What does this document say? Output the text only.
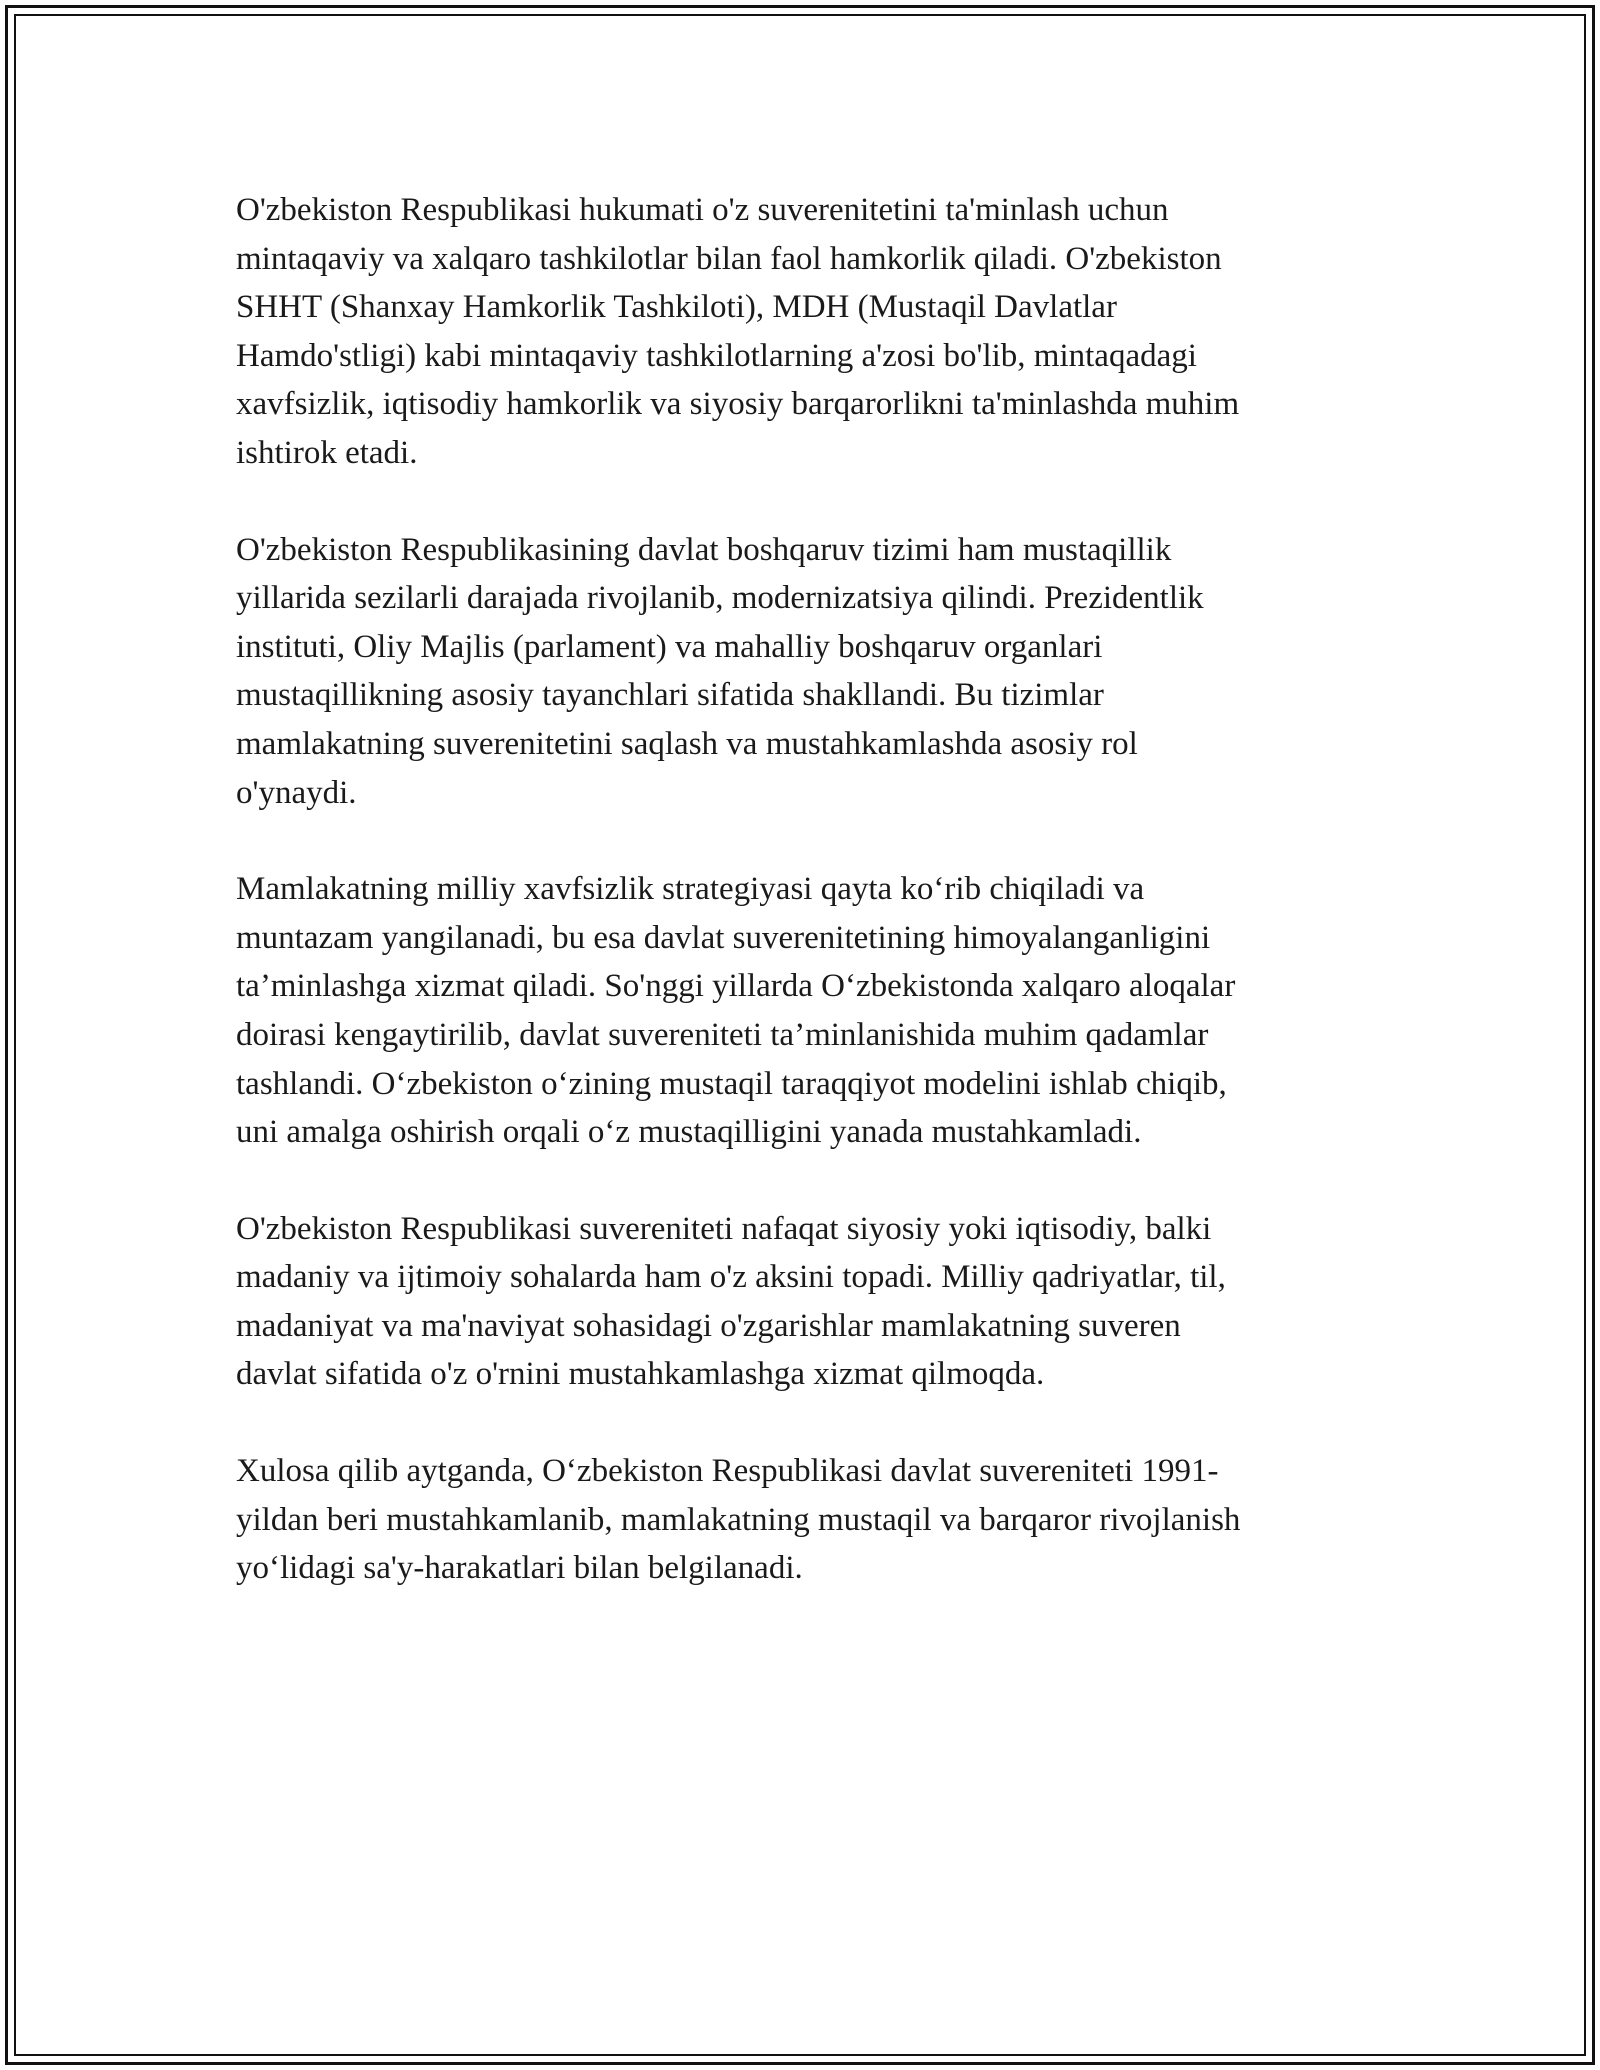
O'zbekiston Respublikasi hukumati o'z suverenitetini ta'minlash uchun
mintaqaviy va xalqaro tashkilotlar bilan faol hamkorlik qiladi. O'zbekiston
SHHT (Shanxay Hamkorlik Tashkiloti), MDH (Mustaqil Davlatlar
Hamdo'stligi) kabi mintaqaviy tashkilotlarning a'zosi bo'lib, mintaqadagi
xavfsizlik, iqtisodiy hamkorlik va siyosiy barqarorlikni ta'minlashda muhim
ishtirok etadi.

O'zbekiston Respublikasining davlat boshqaruv tizimi ham mustaqillik
yillarida sezilarli darajada rivojlanib, modernizatsiya qilindi. Prezidentlik
instituti, Oliy Majlis (parlament) va mahalliy boshqaruv organlari
mustaqillikning asosiy tayanchlari sifatida shakllandi. Bu tizimlar
mamlakatning suverenitetini saqlash va mustahkamlashda asosiy rol
o'ynaydi.

Mamlakatning milliy xavfsizlik strategiyasi qayta koʻrib chiqiladi va
muntazam yangilanadi, bu esa davlat suverenitetining himoyalanganligini
ta’minlashga xizmat qiladi. So'nggi yillarda Oʻzbekistonda xalqaro aloqalar
doirasi kengaytirilib, davlat suvereniteti ta’minlanishida muhim qadamlar
tashlandi. Oʻzbekiston oʻzining mustaqil taraqqiyot modelini ishlab chiqib,
uni amalga oshirish orqali oʻz mustaqilligini yanada mustahkamladi.

O'zbekiston Respublikasi suvereniteti nafaqat siyosiy yoki iqtisodiy, balki
madaniy va ijtimoiy sohalarda ham o'z aksini topadi. Milliy qadriyatlar, til,
madaniyat va ma'naviyat sohasidagi o'zgarishlar mamlakatning suveren
davlat sifatida o'z o'rnini mustahkamlashga xizmat qilmoqda.

Xulosa qilib aytganda, Oʻzbekiston Respublikasi davlat suvereniteti 1991-
yildan beri mustahkamlanib, mamlakatning mustaqil va barqaror rivojlanish
yoʻlidagi sa'y-harakatlari bilan belgilanadi.
